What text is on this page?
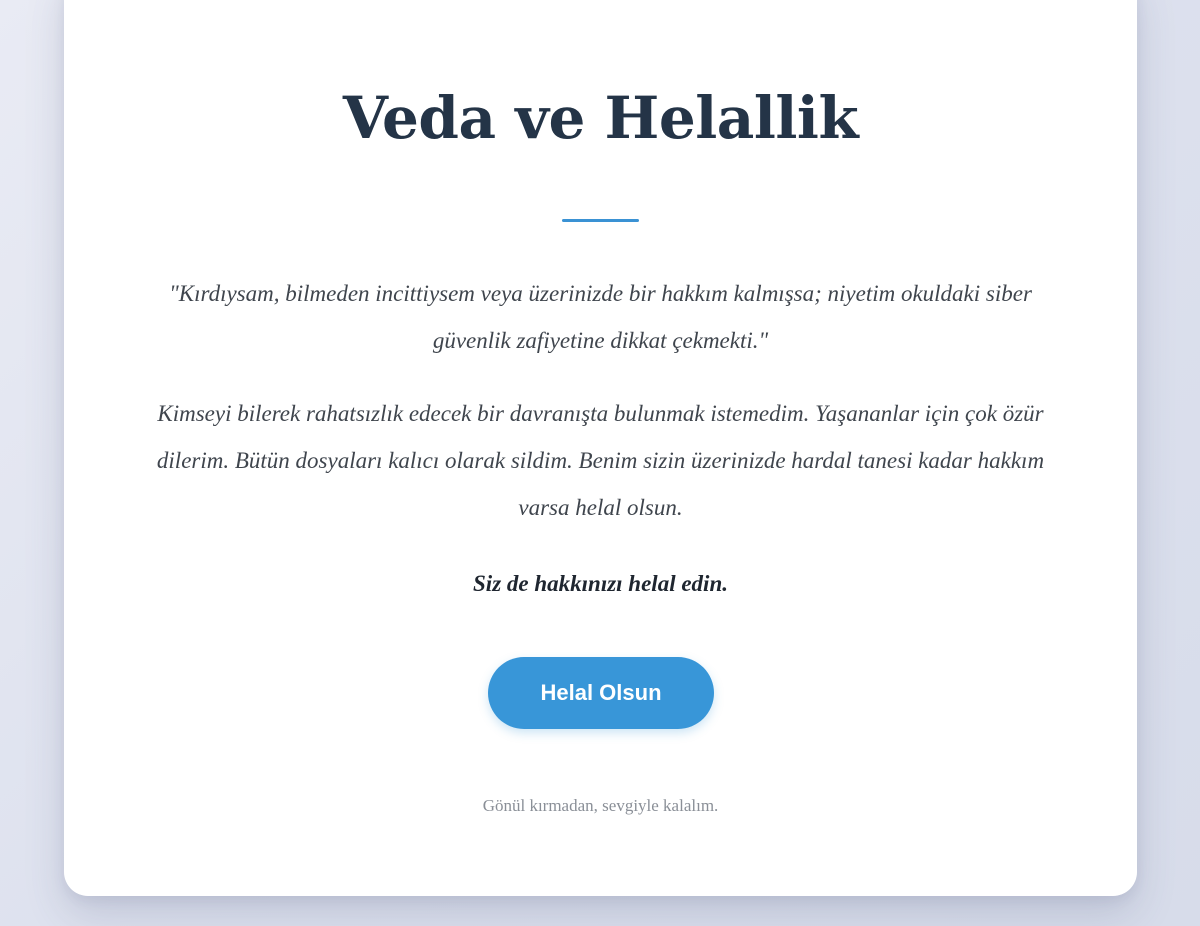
Veda ve Helallik

"Kırdıysam, bilmeden incittiysem veya üzerinizde bir hakkım kalmışsa; niyetim okuldaki siber güvenlik zafiyetine dikkat çekmekti."

Kimseyi bilerek rahatsızlık edecek bir davranışta bulunmak istemedim. Yaşananlar için çok özür dilerim. Bütün dosyaları kalıcı olarak sildim. Benim sizin üzerinizde hardal tanesi kadar hakkım varsa helal olsun.

Siz de hakkınızı helal edin.

Helal Olsun

Gönül kırmadan, sevgiyle kalalım.
